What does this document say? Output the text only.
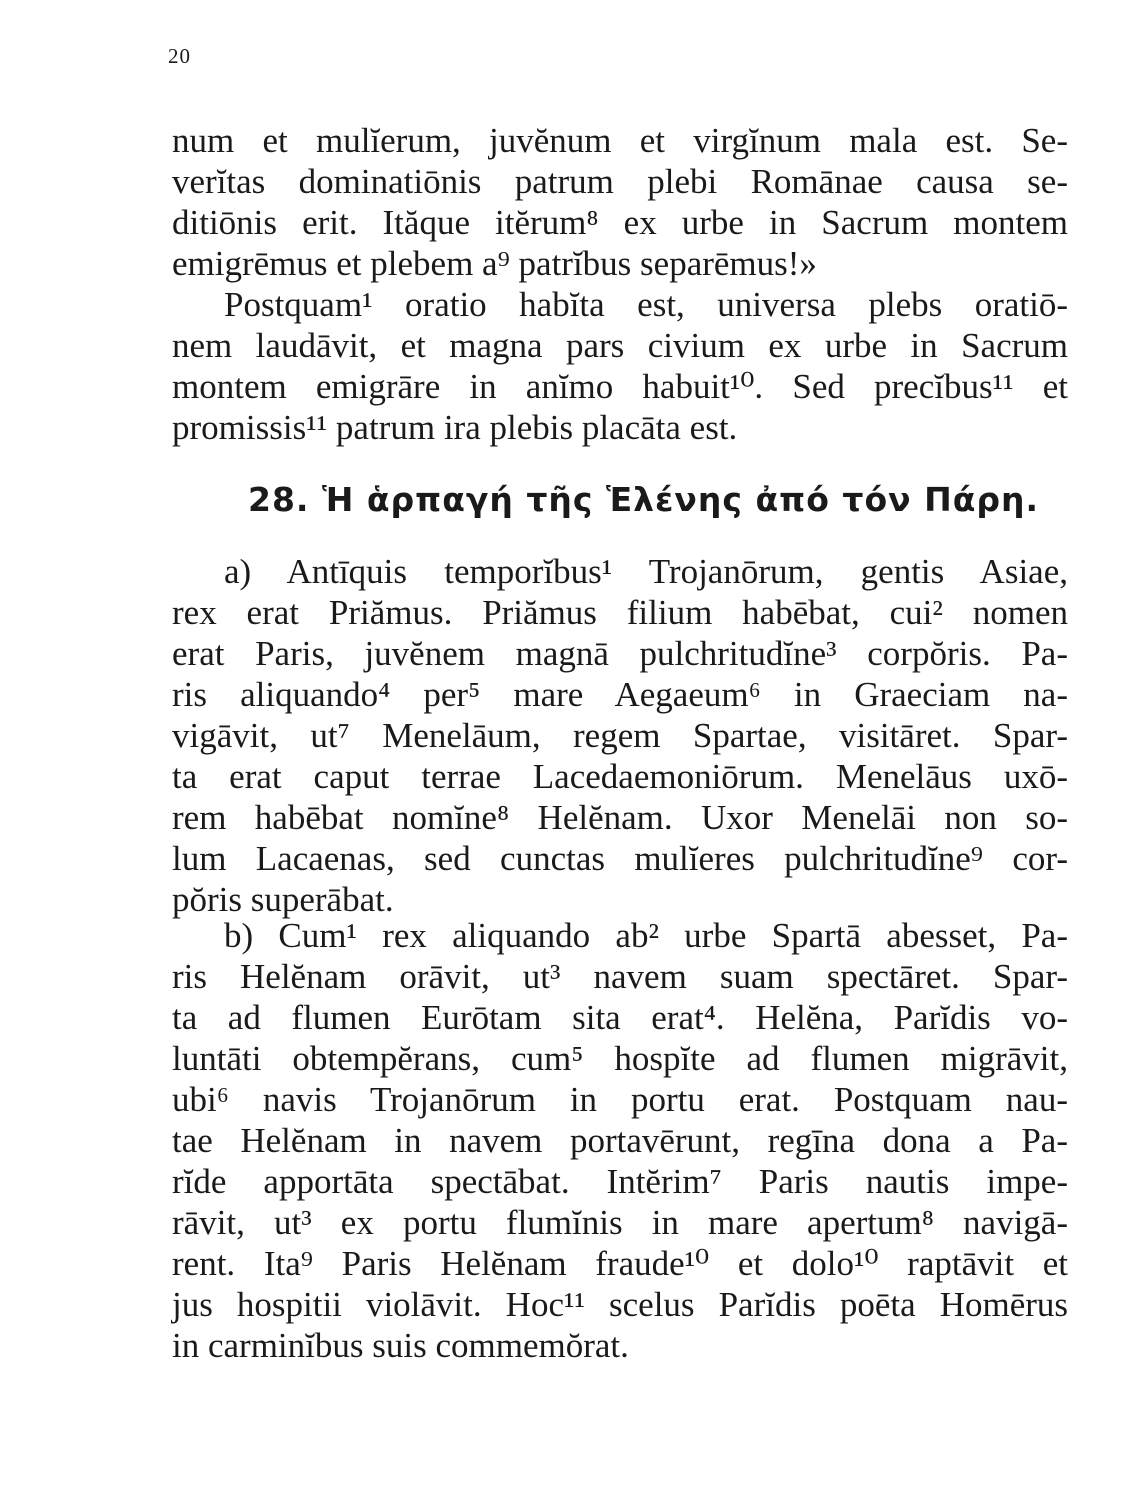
20
num et mulĭerum, juvĕnum et virgĭnum mala est. Se-
verĭtas dominatiōnis patrum plebi Romānae causa se-
ditiōnis erit. Ităque itĕrum⁸ ex urbe in Sacrum montem
emigrēmus et plebem a⁹ patrĭbus separēmus!»
Postquam¹ oratio habĭta est, universa plebs oratiō-
nem laudāvit, et magna pars civium ex urbe in Sacrum
montem emigrāre in anĭmo habuit¹⁰. Sed precĭbus¹¹ et
promissis¹¹ patrum ira plebis placāta est.
28. Ἡ ἁρπαγή τῆς Ἑλένης ἀπό τόν Πάρη.
a) Antīquis temporĭbus¹ Trojanōrum, gentis Asiae,
rex erat Priămus. Priămus filium habēbat, cui² nomen
erat Paris, juvĕnem magnā pulchritudĭne³ corpŏris. Pa-
ris aliquando⁴ per⁵ mare Aegaeum⁶ in Graeciam na-
vigāvit, ut⁷ Menelāum, regem Spartae, visitāret. Spar-
ta erat caput terrae Lacedaemoniōrum. Menelāus uxō-
rem habēbat nomĭne⁸ Helĕnam. Uxor Menelāi non so-
lum Lacaenas, sed cunctas mulĭeres pulchritudĭne⁹ cor-
pŏris superābat.
b) Cum¹ rex aliquando ab² urbe Spartā abesset, Pa-
ris Helĕnam orāvit, ut³ navem suam spectāret. Spar-
ta ad flumen Eurōtam sita erat⁴. Helĕna, Parĭdis vo-
luntāti obtempĕrans, cum⁵ hospĭte ad flumen migrāvit,
ubi⁶ navis Trojanōrum in portu erat. Postquam nau-
tae Helĕnam in navem portavērunt, regīna dona a Pa-
rĭde apportāta spectābat. Intĕrim⁷ Paris nautis impe-
rāvit, ut³ ex portu flumĭnis in mare apertum⁸ navigā-
rent. Ita⁹ Paris Helĕnam fraude¹⁰ et dolo¹⁰ raptāvit et
jus hospitii violāvit. Hoc¹¹ scelus Parĭdis poēta Homērus
in carminĭbus suis commemŏrat.
